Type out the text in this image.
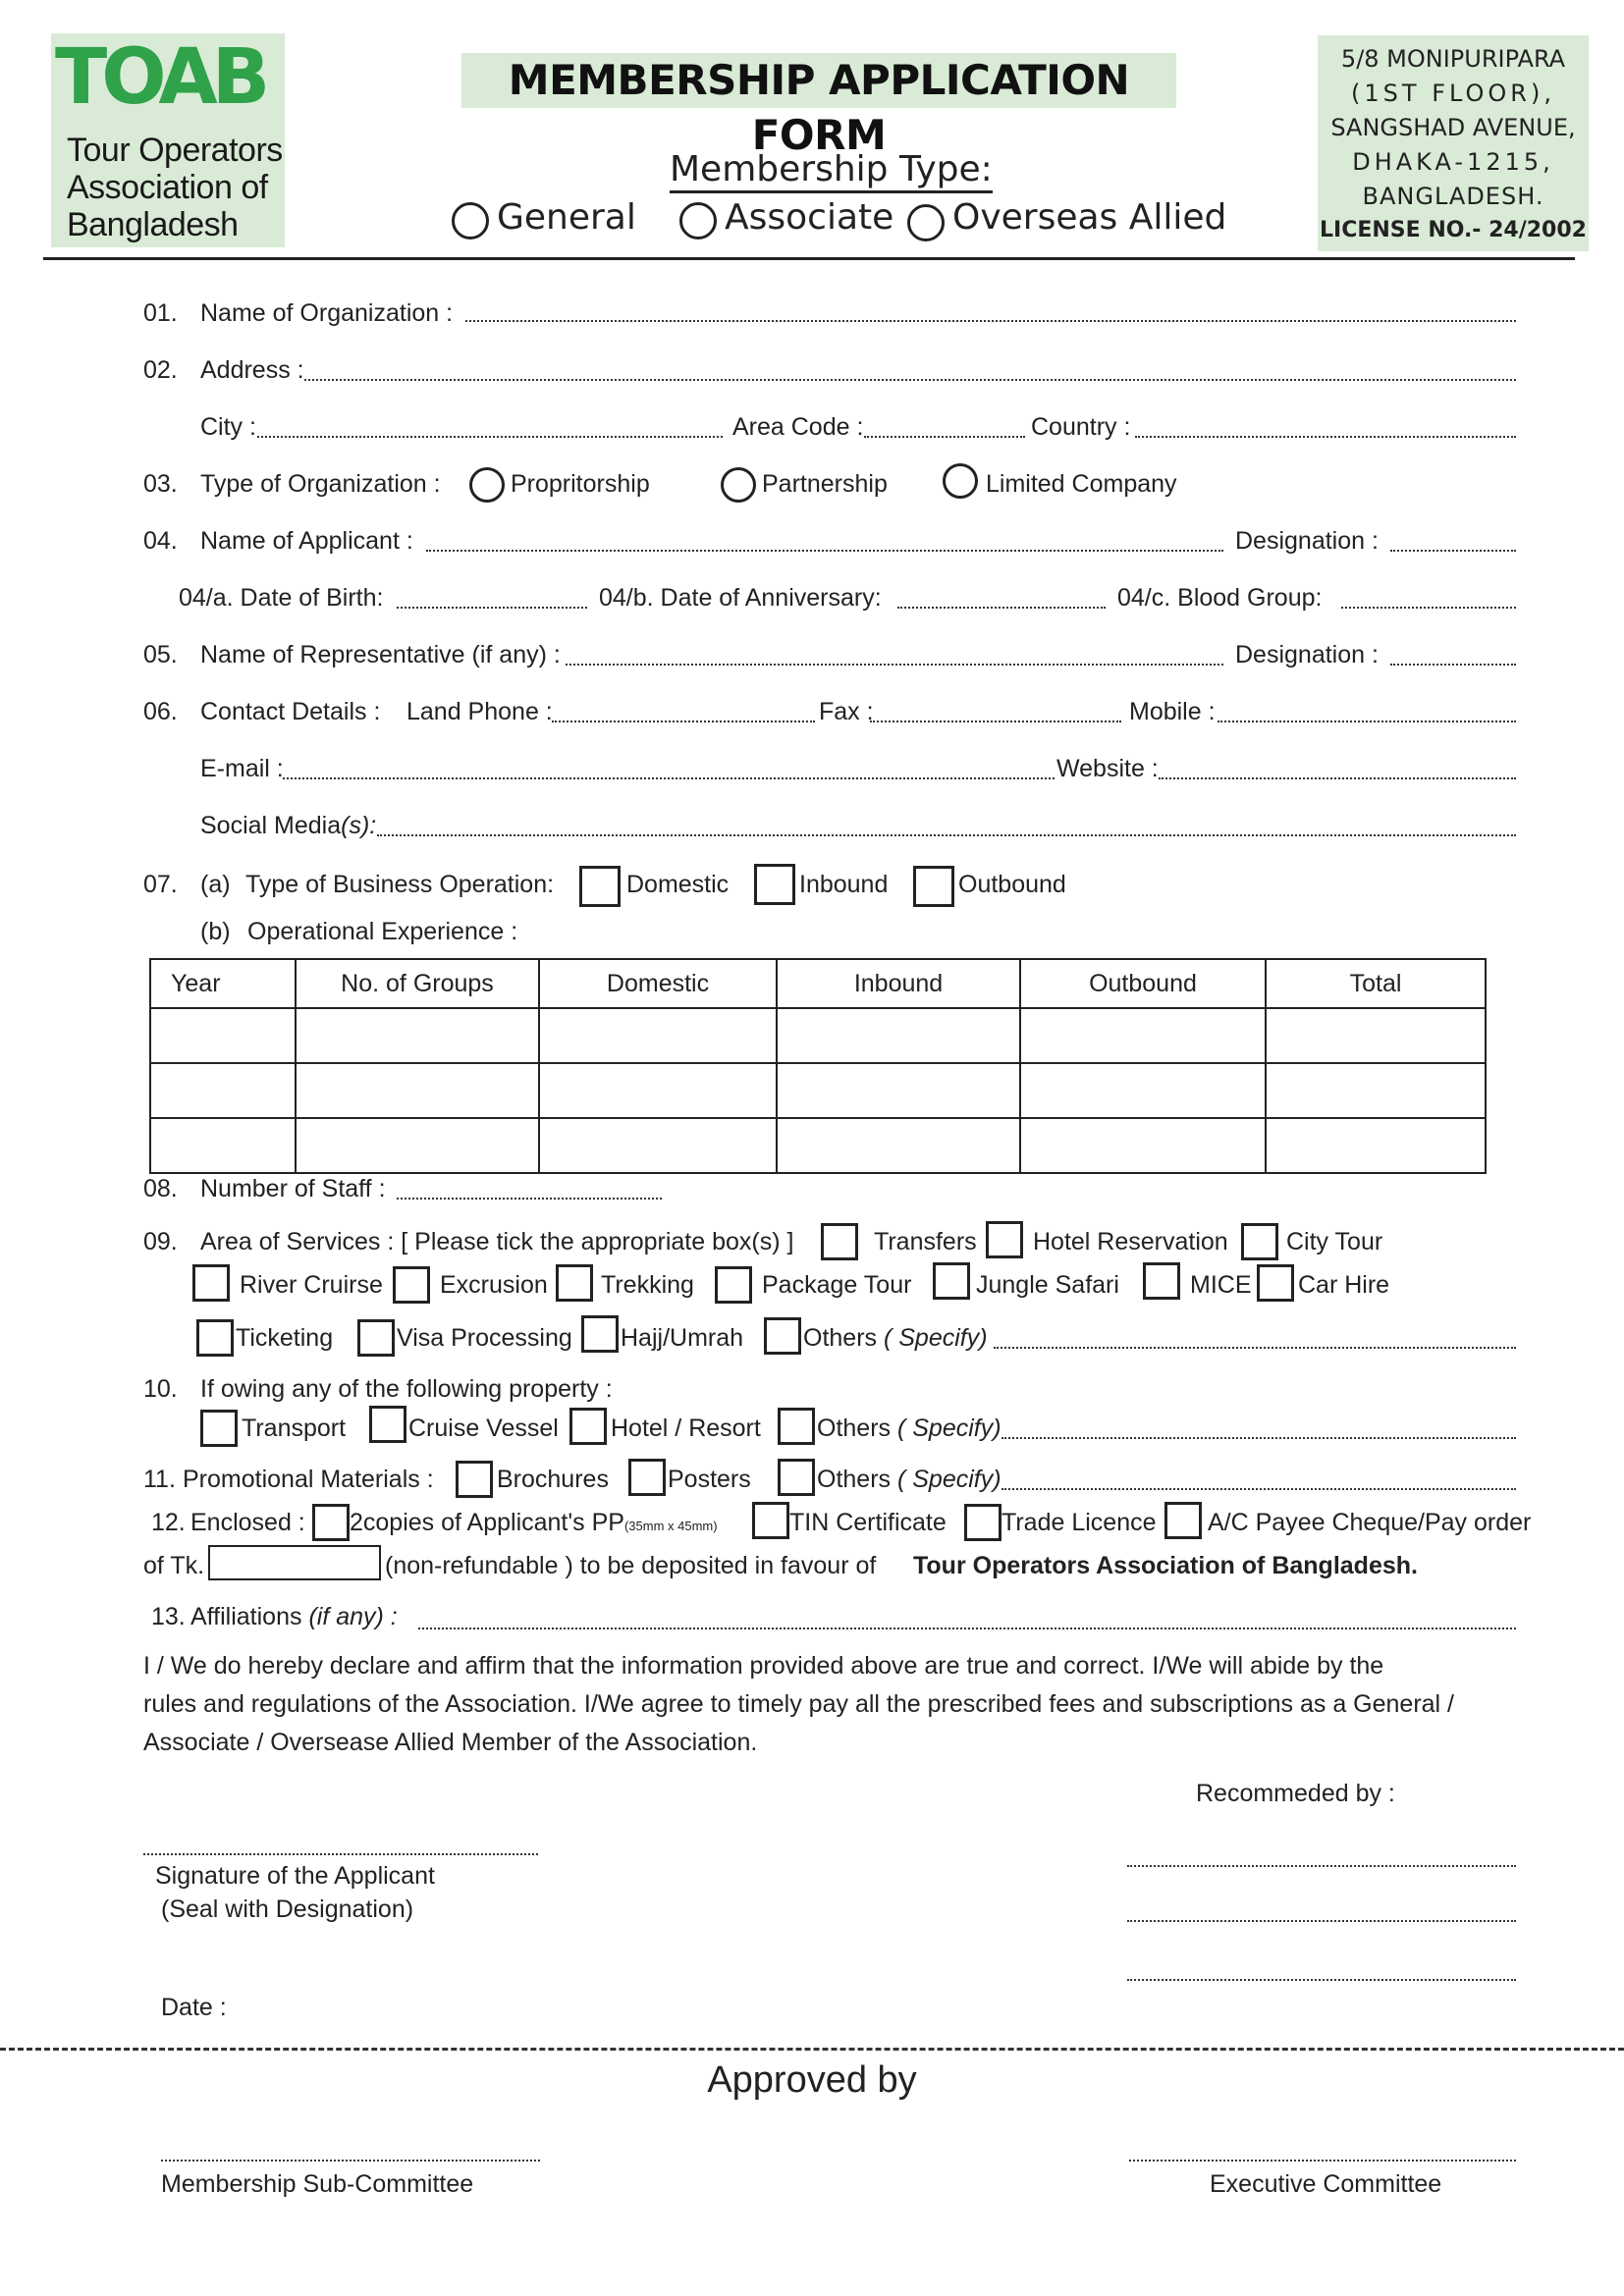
TOAB
Tour Operators
Association of
Bangladesh
MEMBERSHIP APPLICATION FORM
5/8 MONIPURIPARA
(1ST FLOOR),
SANGSHAD AVENUE,
DHAKA-1215,
BANGLADESH.
LICENSE NO.- 24/2002
Membership Type:
General	Associate Overseas Allied
01. Name of Organization :
02. Address :
City :	Area Code :	Country :
03. Type of Organization :	Propritorship	Partnership	Limited Company
04. Name of Applicant :	Designation :
04/a. Date of Birth:	04/b. Date of Anniversary:	04/c. Blood Group:
05. Name of Representative (if any) :	Designation :
06. Contact Details : Land Phone :	Fax :	Mobile :
E-mail :	Website :
Social Media(s):
07. (a) Type of Business Operation:	Domestic	Inbound	Outbound
(b) Operational Experience :
Year	No. of Groups	Domestic	Inbound	Outbound	Total

08. Number of Staff :
09. Area of Services : [ Please tick the appropriate box(s) ]	Transfers Hotel Reservation City Tour
River Cruirse Excrusion Trekking	Package Tour	Jungle Safari	MICE Car Hire
Ticketing	Visa Processing Hajj/Umrah Others ( Specify)
10. If owing any of the following property :
Transport	Cruise Vessel Hotel / Resort Others ( Specify)
11. Promotional Materials :	Brochures Posters	Others ( Specify)
12. Enclosed : 2copies of Applicant's PP(35mm x 45mm)	TIN Certificate Trade Licence A/C Payee Cheque/Pay order
of Tk.	(non-refundable ) to be deposited in favour of Tour Operators Association of Bangladesh.
13. Affiliations (if any) :
I / We do hereby declare and affirm that the information provided above are true and correct. I/We will abide by the
rules and regulations of the Association. I/We agree to timely pay all the prescribed fees and subscriptions as a General /
Associate / Oversease Allied Member of the Association.
Recommeded by :
Signature of the Applicant
(Seal with Designation)
Date :
Approved by
Membership Sub-Committee	Executive Committee
